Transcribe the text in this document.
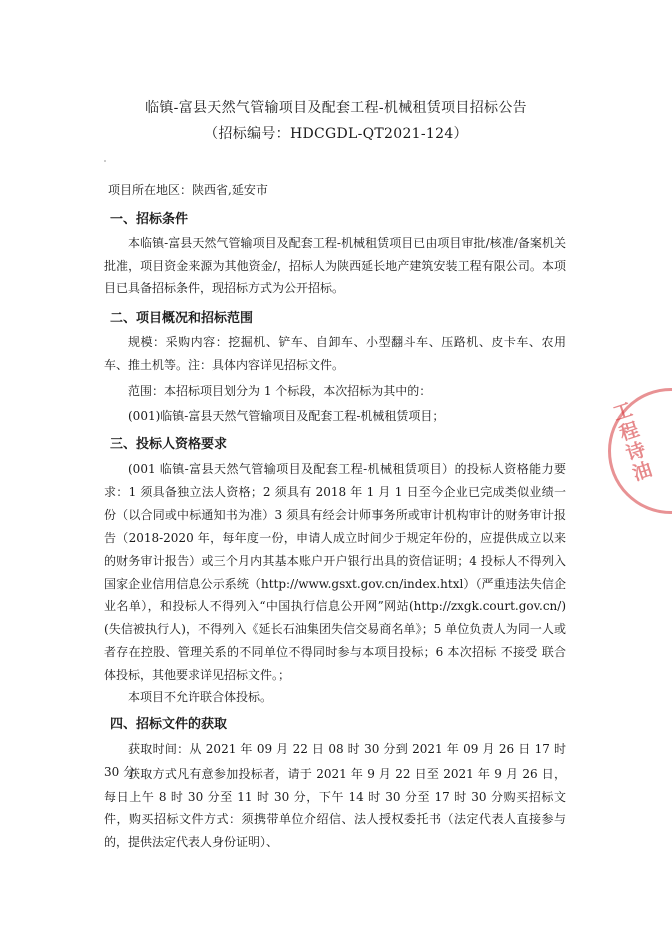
临镇-富县天然气管输项目及配套工程-机械租赁项目招标公告
（招标编号：HDCGDL-QT2021-124）
项目所在地区：陕西省,延安市
一、招标条件

本临镇-富县天然气管输项目及配套工程-机械租赁项目已由项目审批/核准/备案机关批准，项目资金来源为其他资金/，招标人为陕西延长地产建筑安装工程有限公司。本项目已具备招标条件，现招标方式为公开招标。

二、项目概况和招标范围

规模：采购内容：挖掘机、铲车、自卸车、小型翻斗车、压路机、皮卡车、农用车、推土机等。注：具体内容详见招标文件。

范围：本招标项目划分为 1 个标段，本次招标为其中的：

(001)临镇-富县天然气管输项目及配套工程-机械租赁项目；

三、投标人资格要求

(001 临镇-富县天然气管输项目及配套工程-机械租赁项目）的投标人资格能力要求：1 须具备独立法人资格；2 须具有 2018 年 1 月 1 日至今企业已完成类似业绩一份（以合同或中标通知书为准）3 须具有经会计师事务所或审计机构审计的财务审计报告（2018-2020 年，每年度一份，申请人成立时间少于规定年份的，应提供成立以来的财务审计报告）或三个月内其基本账户开户银行出具的资信证明；4 投标人不得列入国家企业信用信息公示系统（http://www.gsxt.gov.cn/index.htxl）（严重违法失信企业名单），和投标人不得列入“中国执行信息公开网”网站(http://zxgk.court.gov.cn/)(失信被执行人)，不得列入《延长石油集团失信交易商名单》；5 单位负责人为同一人或者存在控股、管理关系的不同单位不得同时参与本项目投标；6 本次招标 不接受 联合体投标，其他要求详见招标文件。；

本项目不允许联合体投标。

四、招标文件的获取

获取时间：从 2021 年 09 月 22 日 08 时 30 分到 2021 年 09 月 26 日 17 时 30 分

获取方式凡有意参加投标者，请于 2021 年 9 月 22 日至 2021 年 9 月 26 日，每日上午 8 时 30 分至 11 时 30 分，下午 14 时 30 分至 17 时 30 分购买招标文件，购买招标文件方式：须携带单位介绍信、法人授权委托书（法定代表人直接参与的，提供法定代表人身份证明）、

工程诗油
